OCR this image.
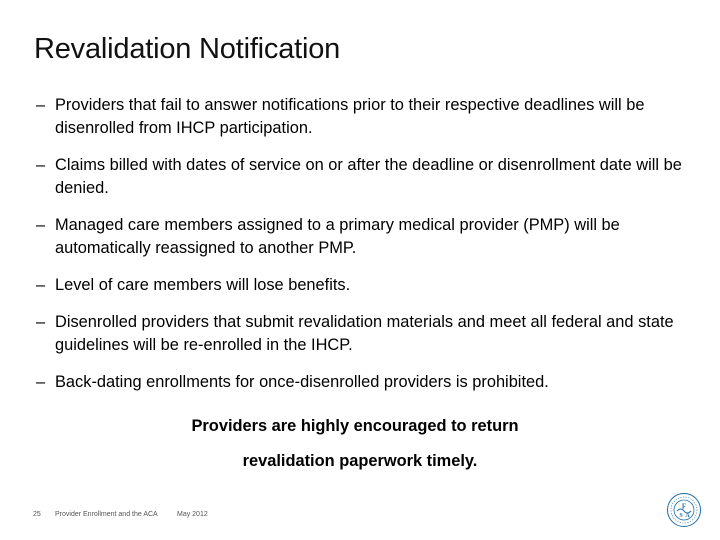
Revalidation Notification
– Providers that fail to answer notifications prior to their respective deadlines will be disenrolled from IHCP participation.
– Claims billed with dates of service on or after the deadline or disenrollment date will be denied.
– Managed care members assigned to a primary medical provider (PMP) will be automatically reassigned to another PMP.
– Level of care members will lose benefits.
– Disenrolled providers that submit revalidation materials and meet all federal and state guidelines will be re-enrolled in the IHCP.
– Back-dating enrollments for once-disenrolled providers is prohibited.
Providers are highly encouraged to return
revalidation paperwork timely.
25 Provider Enrollment and the ACA	May 2012
F
S A
